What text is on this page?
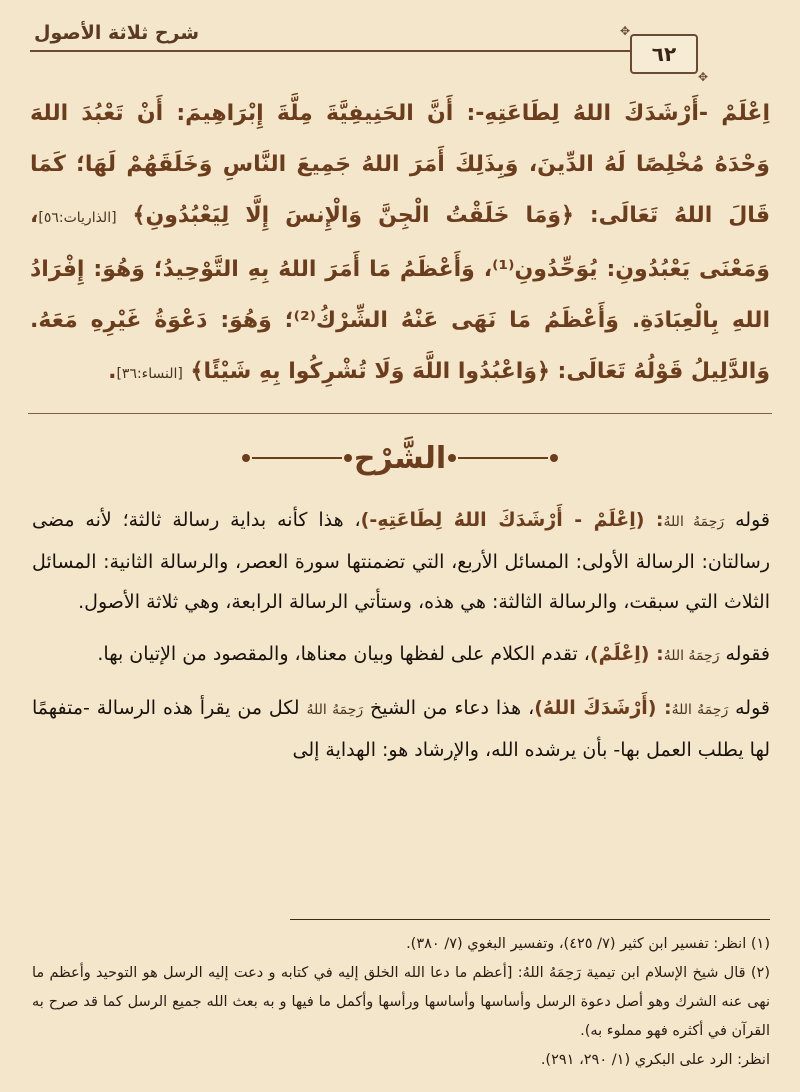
شرح ثلاثة الأصول
✥ ٦٢
✥
اِعْلَمْ -أَرْشَدَكَ اللهُ لِطَاعَتِهِ-: أَنَّ الحَنِيفِيَّةَ مِلَّةَ إِبْرَاهِيمَ: أَنْ تَعْبُدَ اللهَ وَحْدَهُ مُخْلِصًا لَهُ الدِّينَ، وَبِذَلِكَ أَمَرَ اللهُ جَمِيعَ النَّاسِ وَخَلَقَهُمْ لَهَا؛ كَمَا قَالَ اللهُ تَعَالَى: ﴿وَمَا خَلَقْتُ الْجِنَّ وَالْإِنسَ إِلَّا لِيَعْبُدُونِ﴾ [الذاريات:٥٦]، وَمَعْنَى يَعْبُدُونِ: يُوَحِّدُونِ⁽¹⁾، وَأَعْظَمُ مَا أَمَرَ اللهُ بِهِ التَّوْحِيدُ؛ وَهُوَ: إِفْرَادُ اللهِ بِالْعِبَادَةِ. وَأَعْظَمُ مَا نَهَى عَنْهُ الشِّرْكُ⁽²⁾؛ وَهُوَ: دَعْوَةُ غَيْرِهِ مَعَهُ. وَالدَّلِيلُ قَوْلُهُ تَعَالَى: ﴿وَاعْبُدُوا اللَّهَ وَلَا تُشْرِكُوا بِهِ شَيْئًا﴾ [النساء:٣٦].
الشَّرْح

قوله رَحِمَهُ اللهُ: (اِعْلَمْ - أَرْشَدَكَ اللهُ لِطَاعَتِهِ-)، هذا كأنه بداية رسالة ثالثة؛ لأنه مضى رسالتان: الرسالة الأولى: المسائل الأربع، التي تضمنتها سورة العصر، والرسالة الثانية: المسائل الثلاث التي سبقت، والرسالة الثالثة: هي هذه، وستأتي الرسالة الرابعة، وهي ثلاثة الأصول.

فقوله رَحِمَهُ اللهُ: (اِعْلَمْ)، تقدم الكلام على لفظها وبيان معناها، والمقصود من الإتيان بها.

قوله رَحِمَهُ اللهُ: (أَرْشَدَكَ اللهُ)، هذا دعاء من الشيخ رَحِمَهُ اللهُ لكل من يقرأ هذه الرسالة -متفهمًا لها يطلب العمل بها- بأن يرشده الله، والإرشاد هو: الهداية إلى

(١) انظر: تفسير ابن كثير (٧/ ٤٢٥)، وتفسير البغوي (٧/ ٣٨٠).

(٢) قال شيخ الإسلام ابن تيمية رَحِمَهُ اللهُ: [أعظم ما دعا الله الخلق إليه في كتابه و دعت إليه الرسل هو التوحيد وأعظم ما نهى عنه الشرك وهو أصل دعوة الرسل وأساسها وأساسها ورأسها وأكمل ما فيها و به بعث الله جميع الرسل كما قد صرح به القرآن في أكثره فهو مملوء به).

انظر: الرد على البكري (١/ ٢٩٠، ٢٩١).
